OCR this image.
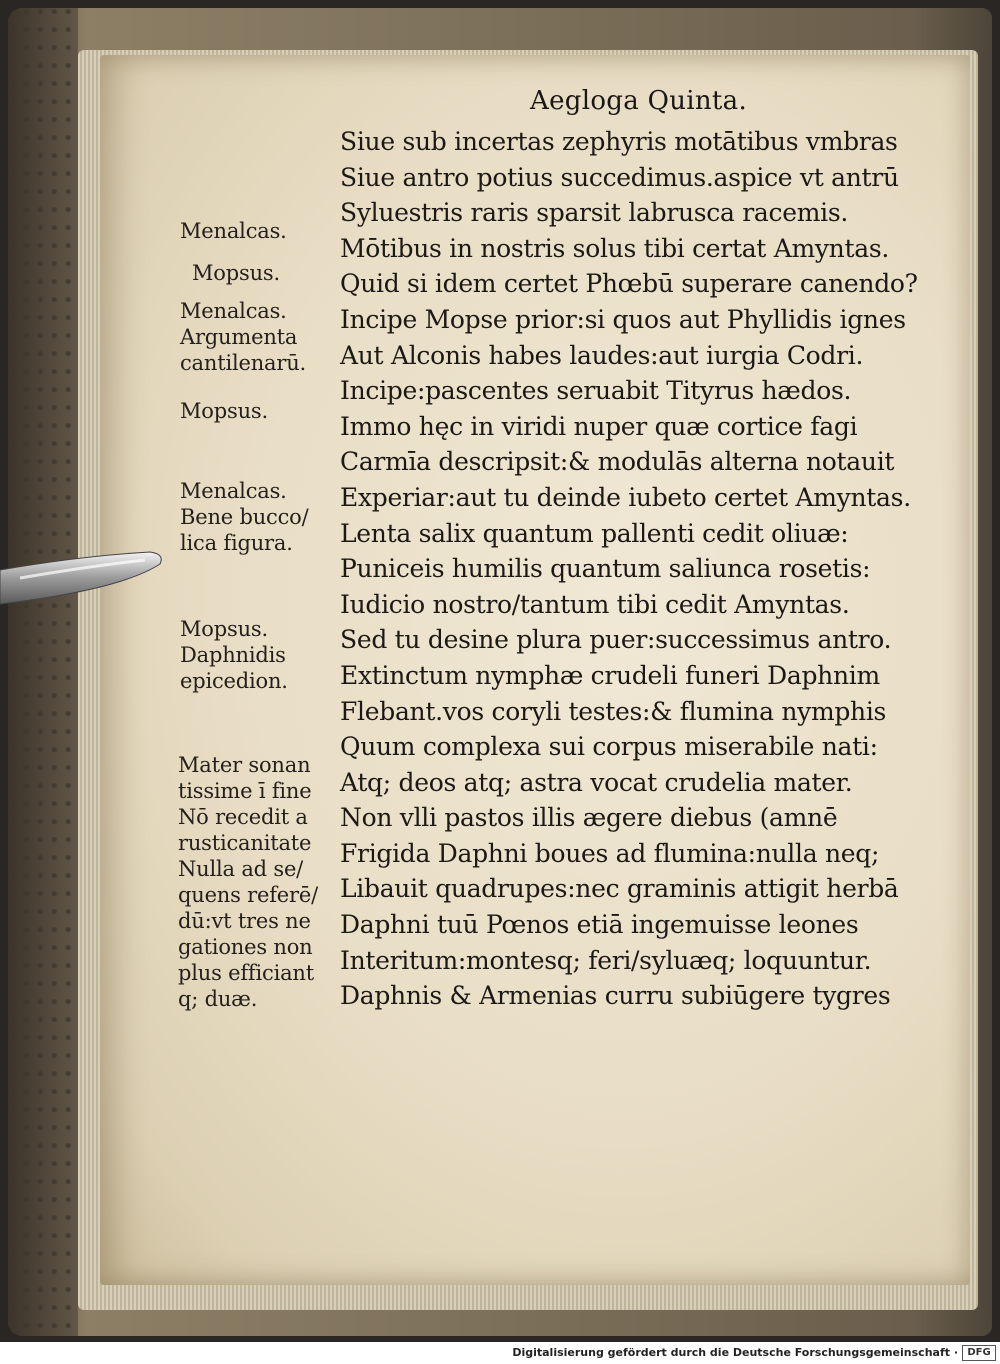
Aegloga Quinta.
Siue sub incertas zephyris motātibus vmbras
Siue antro potius succedimus.aspice vt antrū
Syluestris raris sparsit labrusca racemis.
Mōtibus in nostris solus tibi certat Amyntas.
Quid si idem certet Phœbū superare canendo?
Incipe Mopse prior:si quos aut Phyllidis ignes
Aut Alconis habes laudes:aut iurgia Codri.
Incipe:pascentes seruabit Tityrus hædos.
Immo hęc in viridi nuper quæ cortice fagi
Carmīa descripsit:& modulās alterna notauit
Experiar:aut tu deinde iubeto certet Amyntas.
Lenta salix quantum pallenti cedit oliuæ:
Puniceis humilis quantum saliunca rosetis:
Iudicio nostro/tantum tibi cedit Amyntas.
Sed tu desine plura puer:successimus antro.
Extinctum nymphæ crudeli funeri Daphnim
Flebant.vos coryli testes:& flumina nymphis
Quum complexa sui corpus miserabile nati:
Atq; deos atq; astra vocat crudelia mater.
Non vlli pastos illis ægere diebus (amnē
Frigida Daphni boues ad flumina:nulla neq;
Libauit quadrupes:nec graminis attigit herbā
Daphni tuū Pœnos etiā ingemuisse leones
Interitum:montesq; feri/syluæq; loquuntur.
Daphnis & Armenias curru subiūgere tygres
Menalcas.
Mopsus.
Menalcas.
Argumenta
cantilenarū.
Mopsus.
Menalcas.
Bene bucco/
lica figura.
Mopsus.
Daphnidis
epicedion.
Mater sonan
tissime ī fine
Nō recedit a
rusticanitate
Nulla ad se/
quens referē/
dū:vt tres ne
gationes non
plus efficiant
q; duæ.
Digitalisierung gefördert durch die Deutsche Forschungsgemeinschaft · DFG
